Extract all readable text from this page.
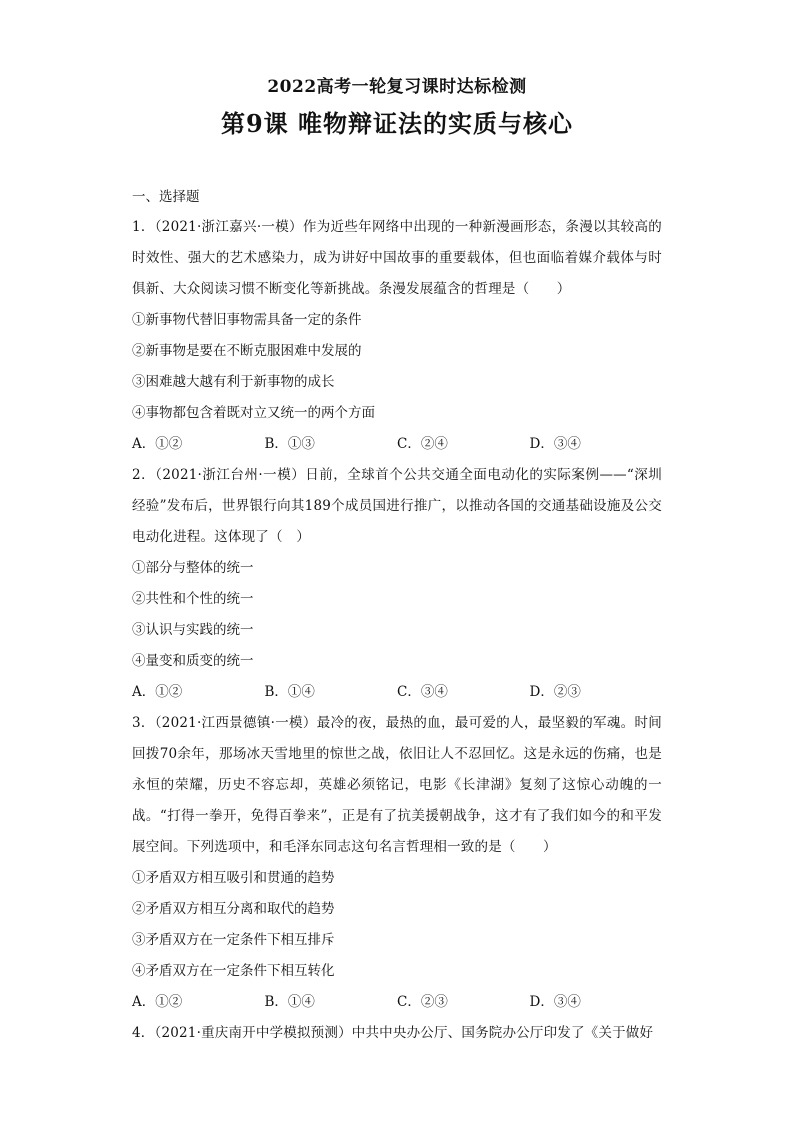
2022高考一轮复习课时达标检测
第9课 唯物辩证法的实质与核心
一、选择题
1．（2021·浙江嘉兴·一模）作为近些年网络中出现的一种新漫画形态，条漫以其较高的时效性、强大的艺术感染力，成为讲好中国故事的重要载体，但也面临着媒介载体与时俱新、大众阅读习惯不断变化等新挑战。条漫发展蕴含的哲理是（　　）
①新事物代替旧事物需具备一定的条件
②新事物是要在不断克服困难中发展的
③困难越大越有利于新事物的成长
④事物都包含着既对立又统一的两个方面
A．①②	B．①③	C．②④	D．③④
2．（2021·浙江台州·一模）日前，全球首个公共交通全面电动化的实际案例——“深圳经验”发布后，世界银行向其189个成员国进行推广，以推动各国的交通基础设施及公交电动化进程。这体现了（　）
①部分与整体的统一
②共性和个性的统一
③认识与实践的统一
④量变和质变的统一
A．①②	B．①④	C．③④	D．②③
3．（2021·江西景德镇·一模）最冷的夜，最热的血，最可爱的人，最坚毅的军魂。时间回拨70余年，那场冰天雪地里的惊世之战，依旧让人不忍回忆。这是永远的伤痛，也是永恒的荣耀，历史不容忘却，英雄必须铭记，电影《长津湖》复刻了这惊心动魄的一战。“打得一拳开，免得百拳来”，正是有了抗美援朝战争，这才有了我们如今的和平发展空间。下列选项中，和毛泽东同志这句名言哲理相一致的是（　　）
①矛盾双方相互吸引和贯通的趋势
②矛盾双方相互分离和取代的趋势
③矛盾双方在一定条件下相互排斥
④矛盾双方在一定条件下相互转化
A．①②	B．①④	C．②③	D．③④
4．（2021·重庆南开中学模拟预测）中共中央办公厅、国务院办公厅印发了《关于做好
